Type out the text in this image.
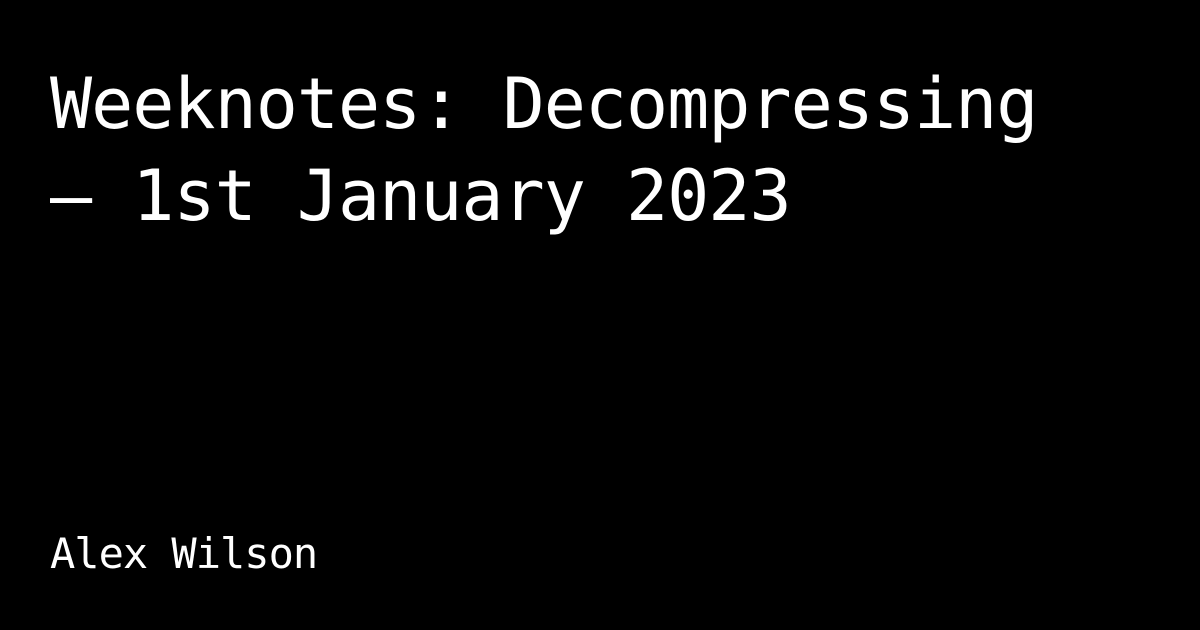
Weeknotes: Decompressing
— 1st January 2023

Alex Wilson
